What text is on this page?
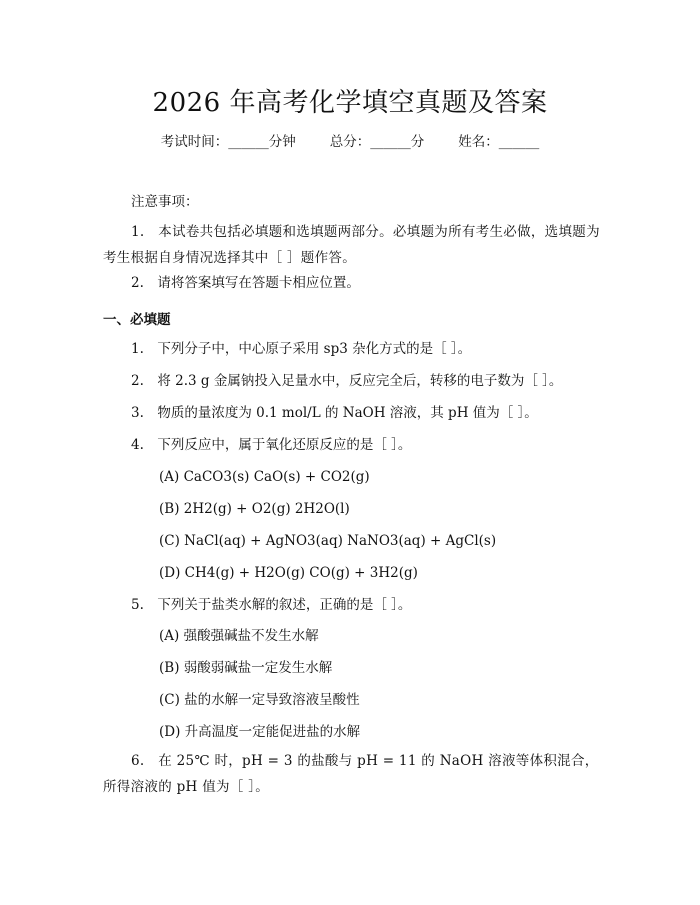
2026 年高考化学填空真题及答案
考试时间：______分钟	总分：______分	姓名：______
注意事项：
1.　本试卷共包括必填题和选填题两部分。必填题为所有考生必做，选填题为考生根据自身情况选择其中［ ］题作答。
2.　请将答案填写在答题卡相应位置。
一、必填题
1.　下列分子中，中心原子采用 sp3 杂化方式的是［ ］。
2.　将 2.3 g 金属钠投入足量水中，反应完全后，转移的电子数为［ ］。
3.　物质的量浓度为 0.1 mol/L 的 NaOH 溶液，其 pH 值为［ ］。
4.　下列反应中，属于氧化还原反应的是［ ］。
(A) CaCO3(s) CaO(s) + CO2(g)
(B) 2H2(g) + O2(g) 2H2O(l)
(C) NaCl(aq) + AgNO3(aq) NaNO3(aq) + AgCl(s)
(D) CH4(g) + H2O(g) CO(g) + 3H2(g)
5.　下列关于盐类水解的叙述，正确的是［ ］。
(A) 强酸强碱盐不发生水解
(B) 弱酸弱碱盐一定发生水解
(C) 盐的水解一定导致溶液呈酸性
(D) 升高温度一定能促进盐的水解
6.　在 25℃ 时，pH = 3 的盐酸与 pH = 11 的 NaOH 溶液等体积混合，所得溶液的 pH 值为［ ］。
